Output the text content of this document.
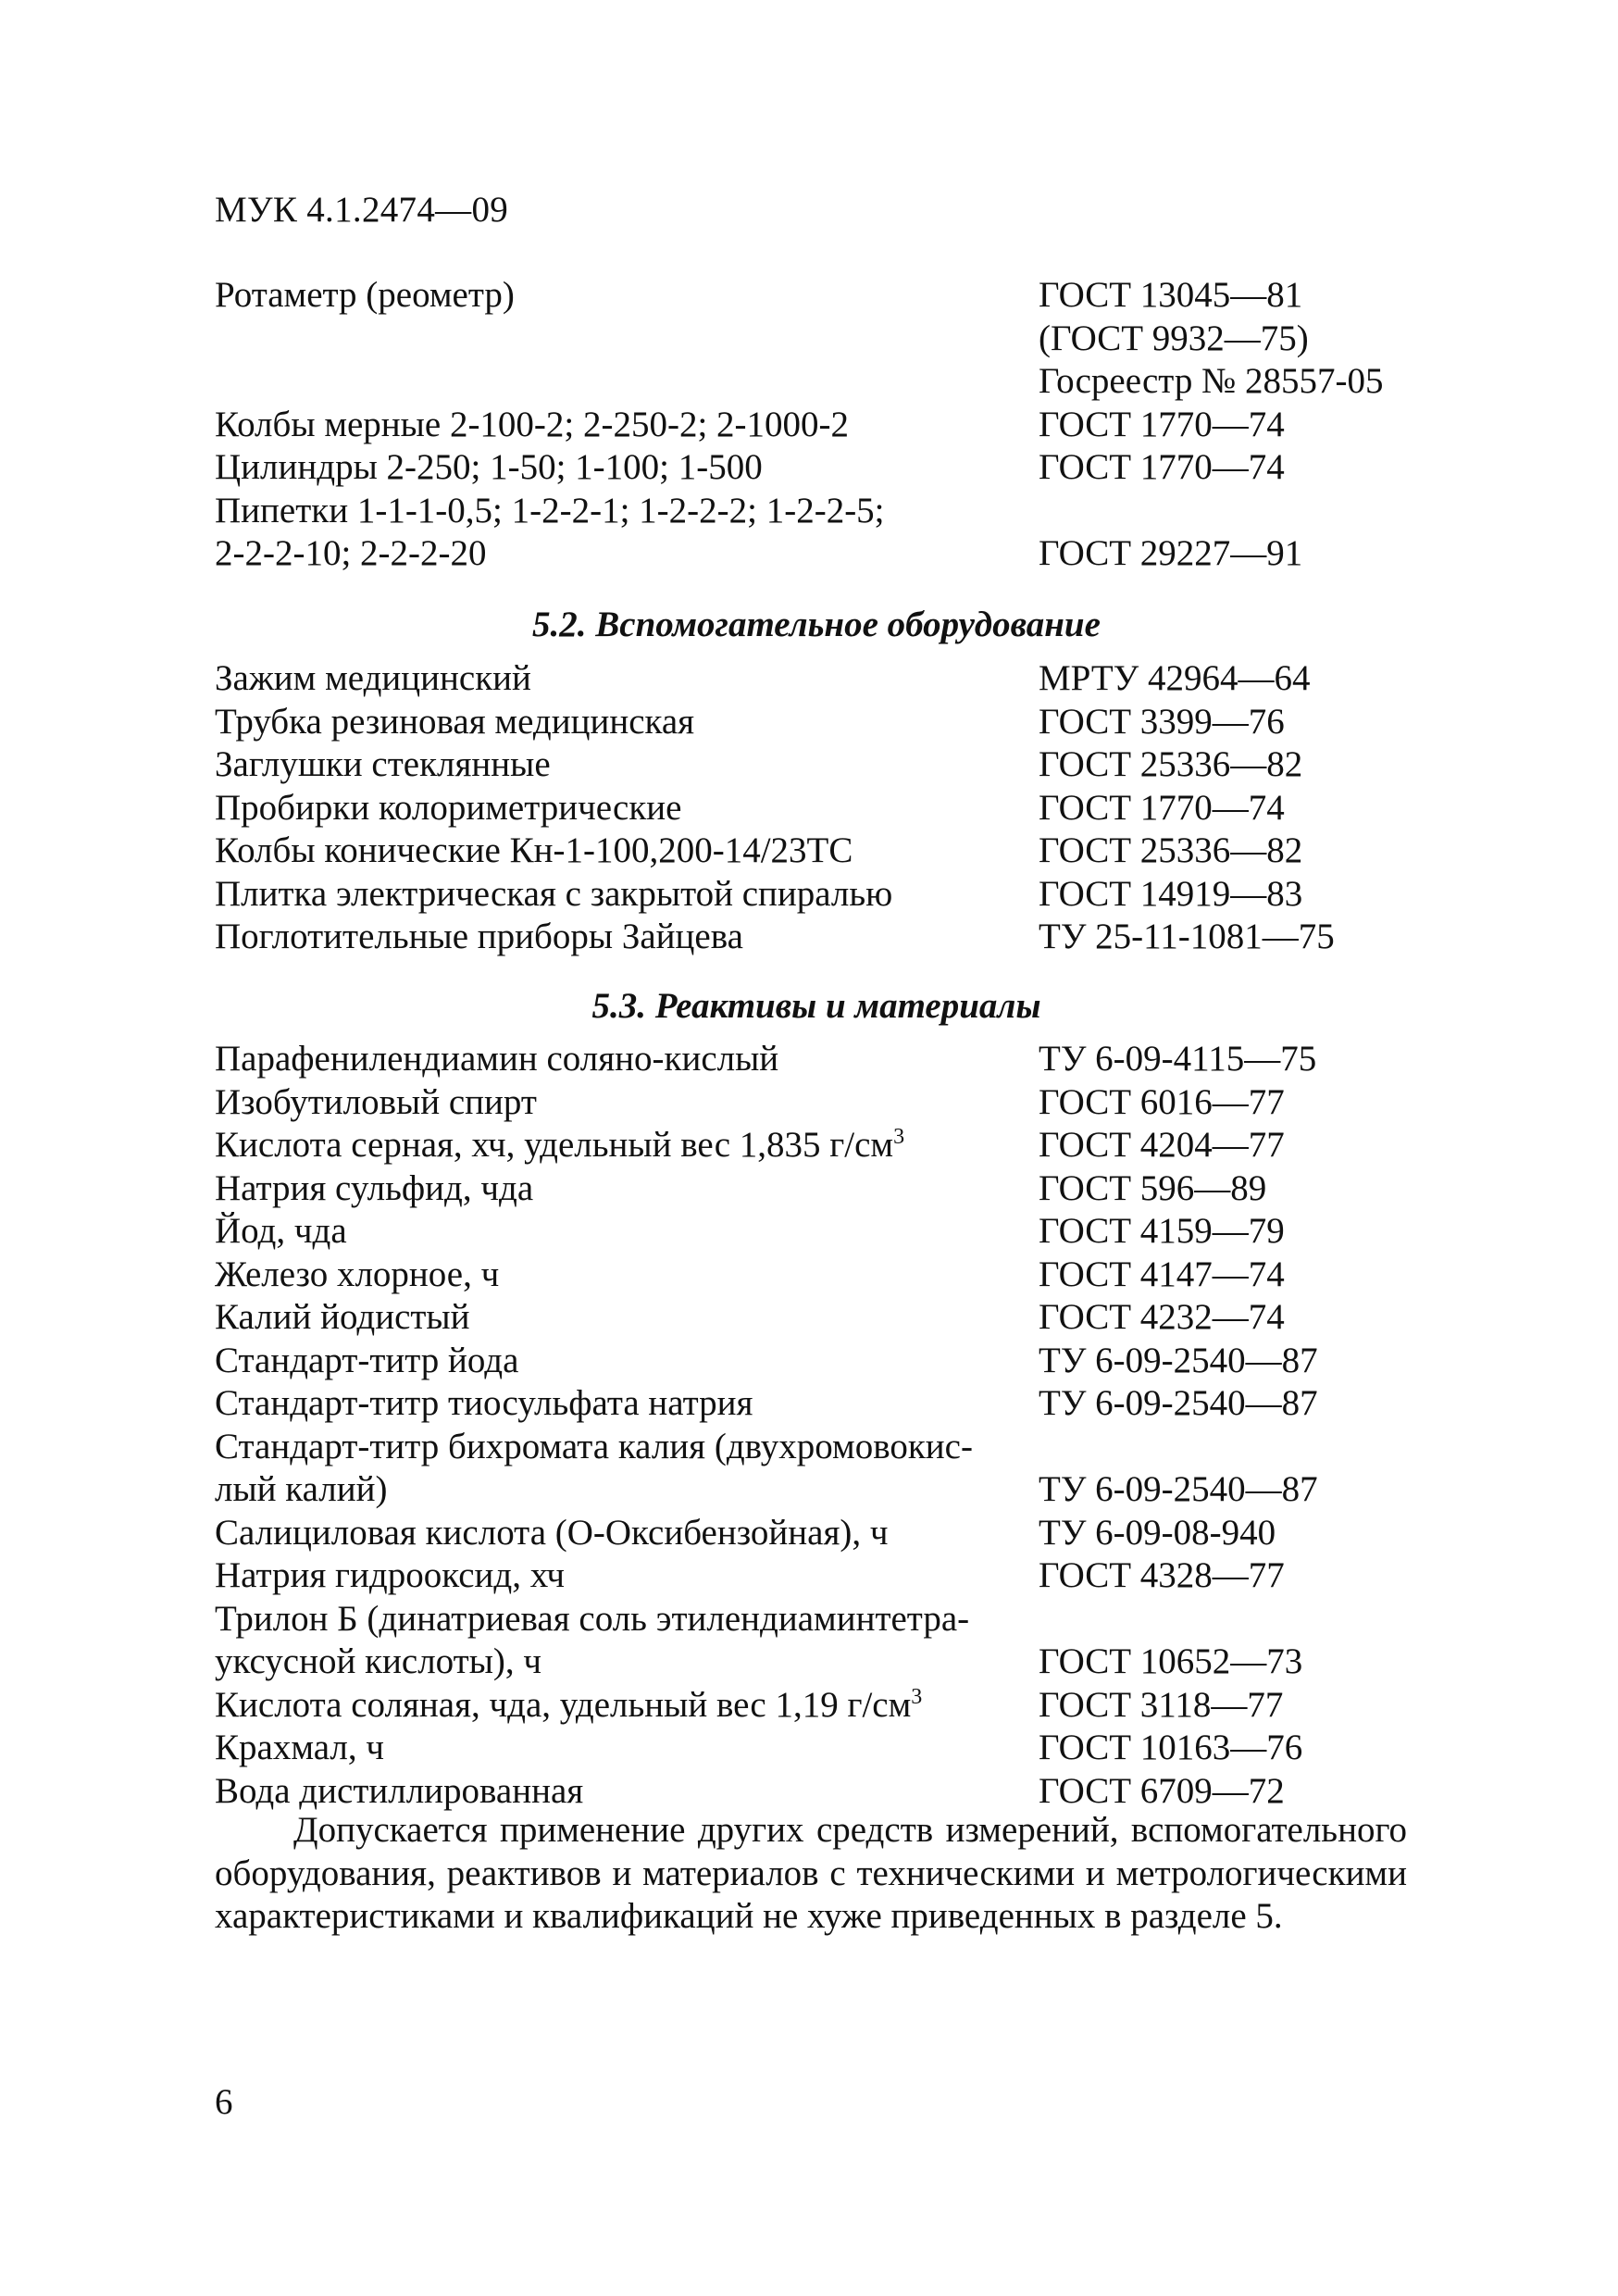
МУК 4.1.2474—09
Ротаметр (реометр)	ГОСТ 13045—81
(ГОСТ 9932—75)
Госреестр № 28557-05
Колбы мерные 2-100-2; 2-250-2; 2-1000-2	ГОСТ 1770—74
Цилиндры 2-250; 1-50; 1-100; 1-500	ГОСТ 1770—74
Пипетки 1-1-1-0,5; 1-2-2-1; 1-2-2-2; 1-2-2-5;
2-2-2-10; 2-2-2-20	ГОСТ 29227—91
5.2. Вспомогательное оборудование
Зажим медицинский	МРТУ 42964—64
Трубка резиновая медицинская	ГОСТ 3399—76
Заглушки стеклянные	ГОСТ 25336—82
Пробирки колориметрические	ГОСТ 1770—74
Колбы конические Кн-1-100,200-14/23ТС	ГОСТ 25336—82
Плитка электрическая с закрытой спиралью	ГОСТ 14919—83
Поглотительные приборы Зайцева	ТУ 25-11-1081—75
5.3. Реактивы и материалы
Парафенилендиамин соляно-кислый	ТУ 6-09-4115—75
Изобутиловый спирт	ГОСТ 6016—77
Кислота серная, хч, удельный вес 1,835 $г/см^3$	ГОСТ 4204—77
Натрия сульфид, чда	ГОСТ 596—89
Йод, чда	ГОСТ 4159—79
Железо хлорное, ч	ГОСТ 4147—74
Калий йодистый	ГОСТ 4232—74
Стандарт-титр йода	ТУ 6-09-2540—87
Стандарт-титр тиосульфата натрия	ТУ 6-09-2540—87
Стандарт-титр бихромата калия (двухромовокис-
лый калий)	ТУ 6-09-2540—87
Салициловая кислота (О-Оксибензойная), ч	ТУ 6-09-08-940
Натрия гидрооксид, хч	ГОСТ 4328—77
Трилон Б (динатриевая соль этилендиаминтетра-
уксусной кислоты), ч	ГОСТ 10652—73
Кислота соляная, чда, удельный вес 1,19 $г/см^3$	ГОСТ 3118—77
Крахмал, ч	ГОСТ 10163—76
Вода дистиллированная	ГОСТ 6709—72
Допускается применение других средств измерений, вспомогательного оборудования, реактивов и материалов с техническими и метрологическими характеристиками и квалификаций не хуже приведенных в разделе 5.
6
